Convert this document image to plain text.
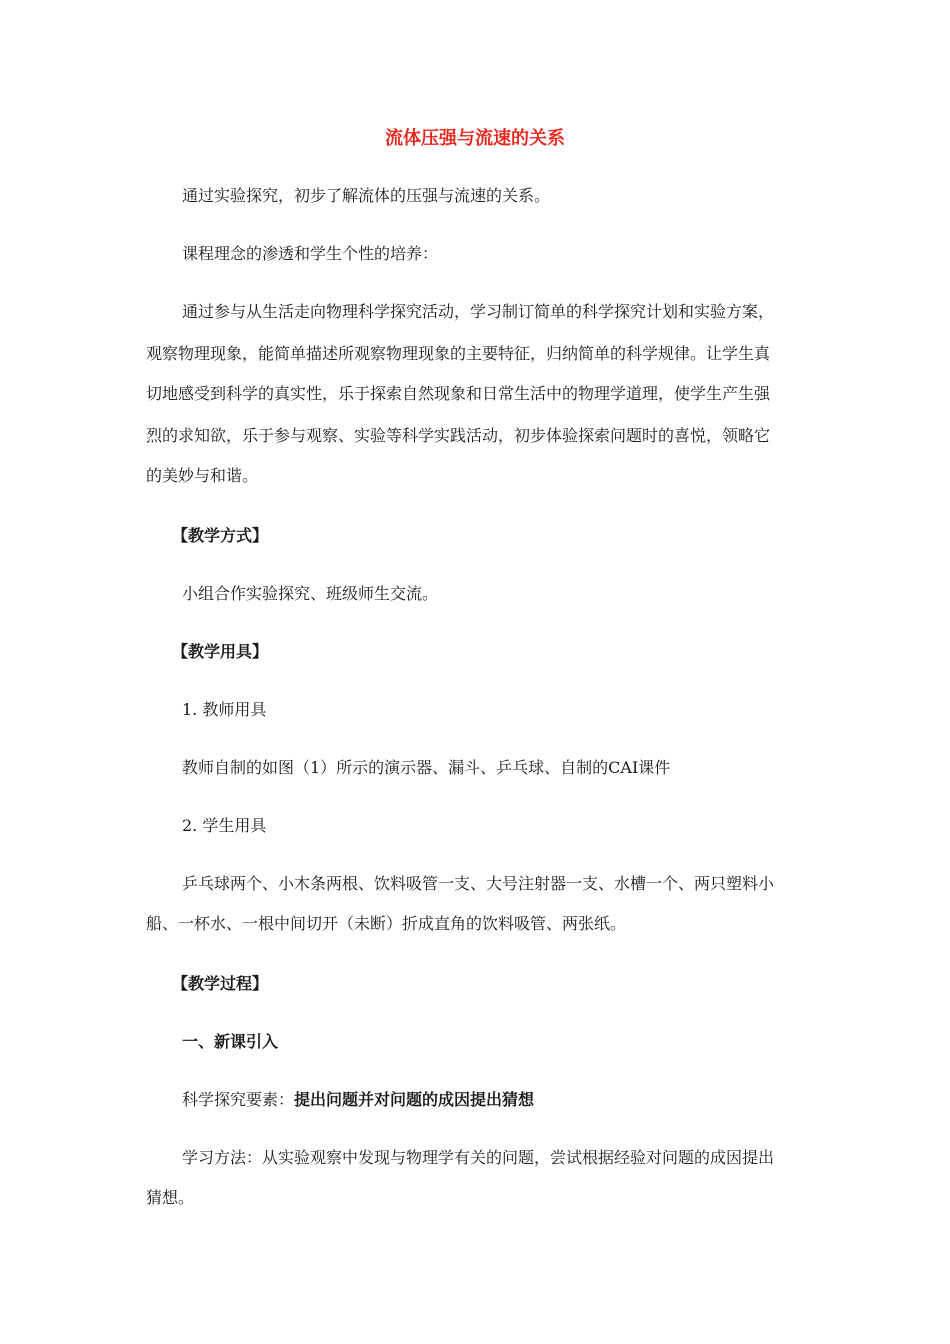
流体压强与流速的关系
通过实验探究，初步了解流体的压强与流速的关系。
课程理念的渗透和学生个性的培养：
通过参与从生活走向物理科学探究活动，学习制订简单的科学探究计划和实验方案，
观察物理现象，能简单描述所观察物理现象的主要特征，归纳简单的科学规律。让学生真
切地感受到科学的真实性，乐于探索自然现象和日常生活中的物理学道理，使学生产生强
烈的求知欲，乐于参与观察、实验等科学实践活动，初步体验探索问题时的喜悦，领略它
的美妙与和谐。
【教学方式】
小组合作实验探究、班级师生交流。
【教学用具】
1. 教师用具
教师自制的如图（1）所示的演示器、漏斗、乒乓球、自制的CAI课件
2. 学生用具
乒乓球两个、小木条两根、饮料吸管一支、大号注射器一支、水槽一个、两只塑料小
船、一杯水、一根中间切开（未断）折成直角的饮料吸管、两张纸。
【教学过程】
一、新课引入
科学探究要素：提出问题并对问题的成因提出猜想
学习方法：从实验观察中发现与物理学有关的问题，尝试根据经验对问题的成因提出
猜想。
